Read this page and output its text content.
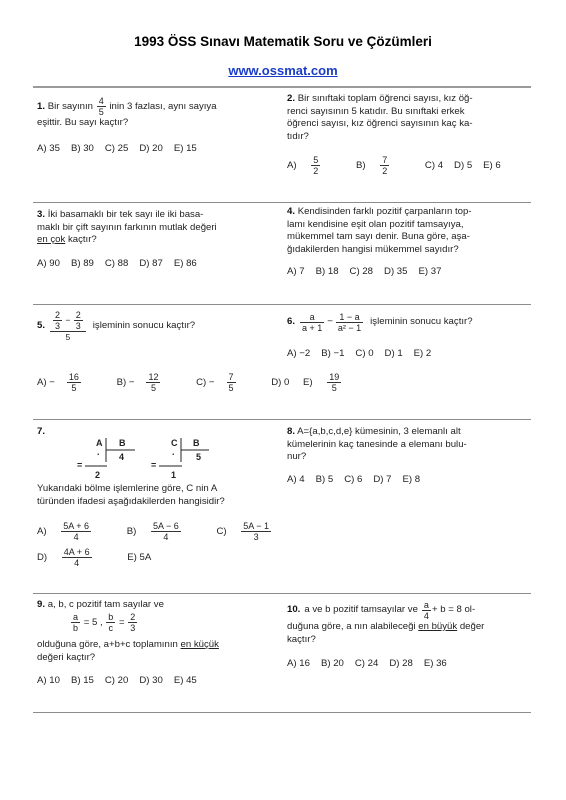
1993 ÖSS Sınavı Matematik Soru ve Çözümleri
www.ossmat.com
1. Bir sayının $\frac{4}{5}$ inin 3 fazlası, aynı sayıya
eşittir. Bu sayı kaçtır?
A) 35 B) 30 C) 25 D) 20 E) 15
2. Bir sınıftaki toplam öğrenci sayısı, kız öğ-
renci sayısının 5 katıdır. Bu sınıftaki erkek
öğrenci sayısı, kız öğrenci sayısının kaç ka-
tıdır?
$A) \frac{5}{2}$	$B) \frac{7}{2}$	C) 4 D) 5 E) 6
3. İki basamaklı bir tek sayı ile iki basa-
maklı bir çift sayının farkının mutlak değeri
en çok kaçtır?
A) 90 B) 89 C) 88 D) 87 E) 86
4. Kendisinden farklı pozitif çarpanların top-
lamı kendisine eşit olan pozitif tamsayıya,
mükemmel tam sayı denir. Buna göre, aşa-
ğıdakilerden hangisi mükemmel sayıdır?
A) 7 B) 18 C) 28 D) 35 E) 37
5. $\frac{\frac{2}{3} - \frac{2}{3}}{5}$ işleminin sonucu kaçtır?
$A) - \frac{16}{5}$	$B) - \frac{12}{5}$	$C) - \frac{7}{5}$	D) 0 $E) \frac{19}{5}$
6. $\frac{a}{a + 1} - \frac{1 - a}{\text{a² − 1}}$ işleminin sonucu kaçtır?
A) −2 B) −1 C) 0 D) 1 E) 2
7.
A B
4
.
=
2
C B
5
.
=
1
Yukarıdaki bölme işlemlerine göre, C nin A
türünden ifadesi aşağıdakilerden hangisidir?
$A) \frac{5A + 6}{4}$	$B) \frac{5A - 6}{4}$	$C) \frac{5A - 1}{3}$
$D) \frac{4A + 6}{4}$	E) 5A
8. A={a,b,c,d,e} kümesinin, 3 elemanlı alt
kümelerinin kaç tanesinde a elemanı bulu-
nur?
A) 4 B) 5 C) 6 D) 7 E) 8
9. a, b, c pozitif tam sayılar ve
$\frac{a}{b} = 5$ , $\frac{b}{c} = \frac{2}{3}$
olduğuna göre, a+b+c toplamının en küçük
değeri kaçtır?
A) 10 B) 15 C) 20 D) 30 E) 45
10. a ve b pozitif tamsayılar ve $\frac{a}{4} + b = 8$ ol-
duğuna göre, a nın alabileceği en büyük değer
kaçtır?
A) 16 B) 20 C) 24 D) 28 E) 36
